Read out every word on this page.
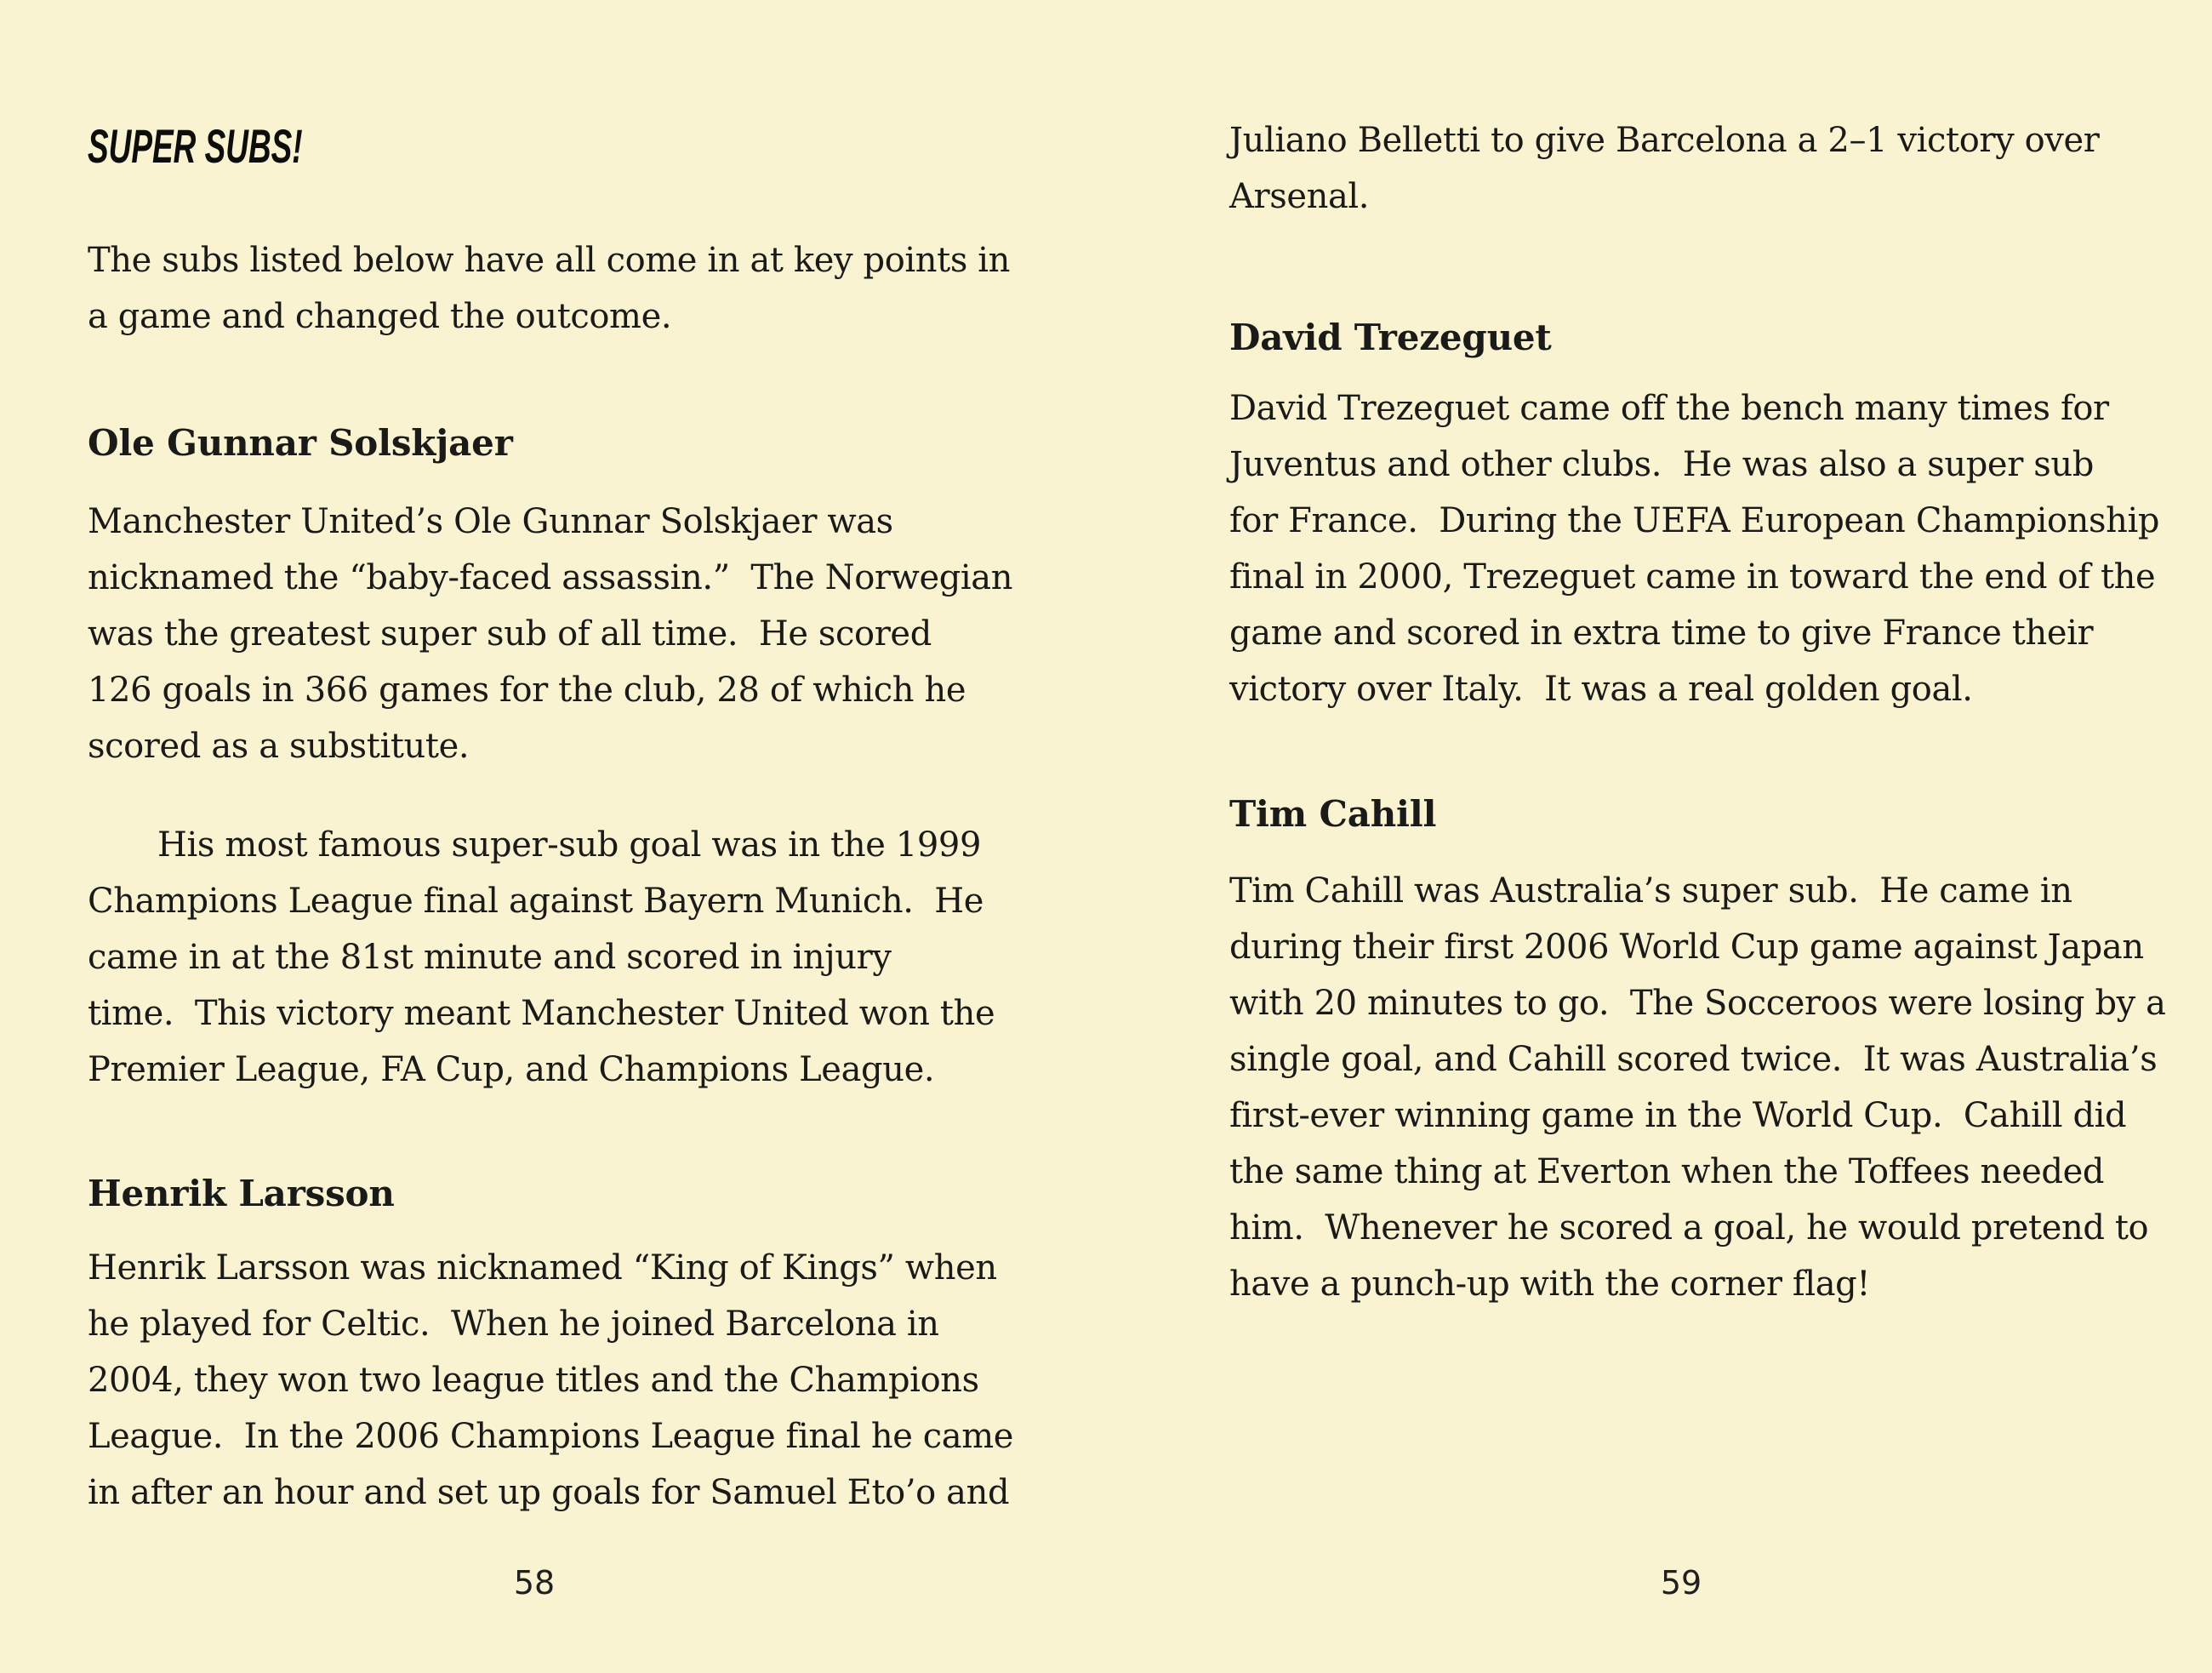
SUPER SUBS!
The subs listed below have all come in at key points in
a game and changed the outcome.
Ole Gunnar Solskjaer
Manchester United’s Ole Gunnar Solskjaer was
nicknamed the “baby-faced assassin.”  The Norwegian
was the greatest super sub of all time.  He scored
126 goals in 366 games for the club, 28 of which he
scored as a substitute.
His most famous super-sub goal was in the 1999
Champions League final against Bayern Munich.  He
came in at the 81st minute and scored in injury
time.  This victory meant Manchester United won the
Premier League, FA Cup, and Champions League.
Henrik Larsson
Henrik Larsson was nicknamed “King of Kings” when
he played for Celtic.  When he joined Barcelona in
2004, they won two league titles and the Champions
League.  In the 2006 Champions League final he came
in after an hour and set up goals for Samuel Eto’o and
Juliano Belletti to give Barcelona a 2–1 victory over
Arsenal.
David Trezeguet
David Trezeguet came off the bench many times for
Juventus and other clubs.  He was also a super sub
for France.  During the UEFA European Championship
final in 2000, Trezeguet came in toward the end of the
game and scored in extra time to give France their
victory over Italy.  It was a real golden goal.
Tim Cahill
Tim Cahill was Australia’s super sub.  He came in
during their first 2006 World Cup game against Japan
with 20 minutes to go.  The Socceroos were losing by a
single goal, and Cahill scored twice.  It was Australia’s
first-ever winning game in the World Cup.  Cahill did
the same thing at Everton when the Toffees needed
him.  Whenever he scored a goal, he would pretend to
have a punch-up with the corner flag!
58	59
